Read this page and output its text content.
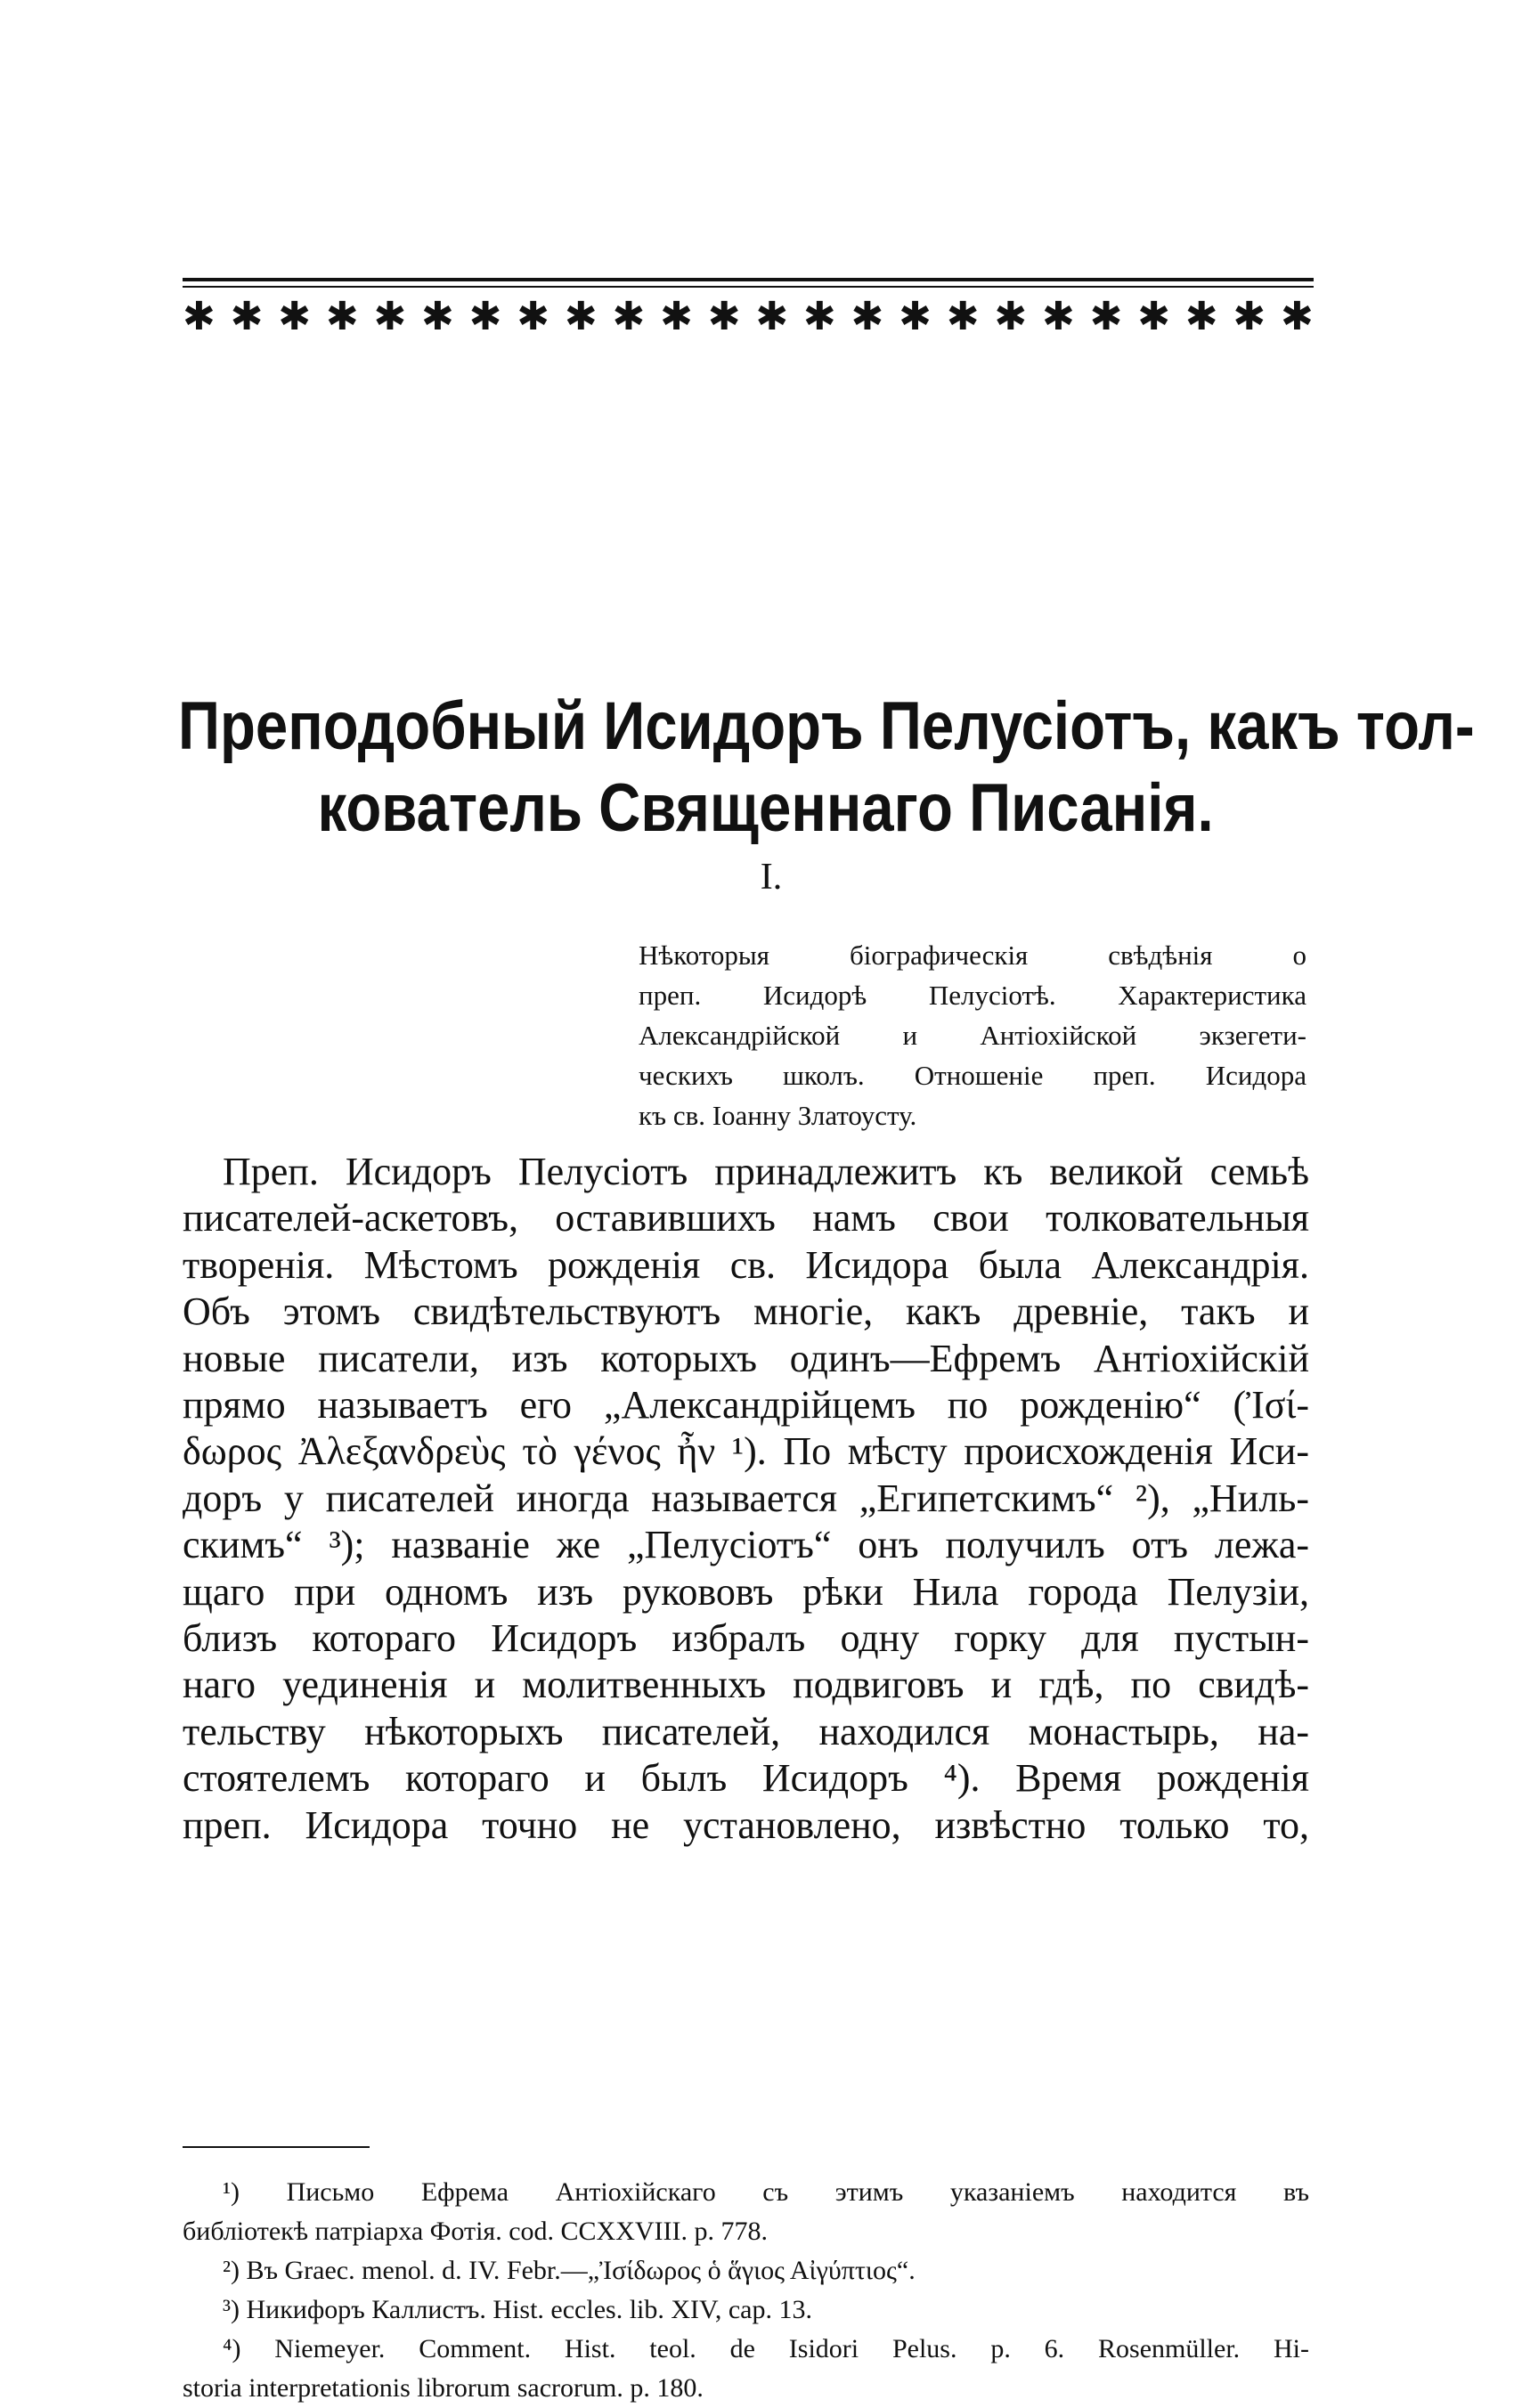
✱ ✱ ✱ ✱ ✱ ✱ ✱ ✱ ✱ ✱ ✱ ✱ ✱ ✱ ✱ ✱ ✱ ✱ ✱ ✱ ✱ ✱ ✱ ✱
Преподобный Исидоръ Пелусіотъ, какъ тол-
кователь Священнаго Писанія.
I.
Нѣкоторыя біографическія свѣдѣнія о
преп. Исидорѣ Пелусіотѣ. Характеристика
Александрійской и Антіохійской экзегети-
ческихъ школъ. Отношеніе преп. Исидора
къ св. Іоанну Златоусту.
Преп. Исидоръ Пелусіотъ принадлежитъ къ великой семьѣ
писателей-аскетовъ, оставившихъ намъ свои толковательныя
творенія. Мѣстомъ рожденія св. Исидора была Александрія.
Объ этомъ свидѣтельствуютъ многіе, какъ древніе, такъ и
новые писатели, изъ которыхъ одинъ—Ефремъ Антіохійскій
прямо называетъ его „Александрійцемъ по рожденію“ (Ἰσί-
δωρος Ἀλεξανδρεὺς τὸ γένος ἦν ¹). По мѣсту происхожденія Иси-
доръ у писателей иногда называется „Египетскимъ“ ²), „Ниль-
скимъ“ ³); названіе же „Пелусіотъ“ онъ получилъ отъ лежа-
щаго при одномъ изъ рукововъ рѣки Нила города Пелузіи,
близъ котораго Исидоръ избралъ одну горку для пустын-
наго уединенія и молитвенныхъ подвиговъ и гдѣ, по свидѣ-
тельству нѣкоторыхъ писателей, находился монастырь, на-
стоятелемъ котораго и былъ Исидоръ ⁴). Время рожденія
преп. Исидора точно не установлено, извѣстно только то,
¹) Письмо Ефрема Антіохійскаго съ этимъ указаніемъ находится въ
библіотекѣ патріарха Фотія. cod. CCXXVIII. p. 778.
²) Въ Graec. menol. d. IV. Febr.—„Ἰσίδωρος ὁ ἅγιος Αἰγύπτιος“.
³) Никифоръ Каллистъ. Hist. eccles. lib. XIV, cap. 13.
⁴) Niemeyer. Comment. Hist. teol. de Isidori Pelus. p. 6. Rosenmüller. Hi-
storia interpretationis librorum sacrorum. p. 180.
